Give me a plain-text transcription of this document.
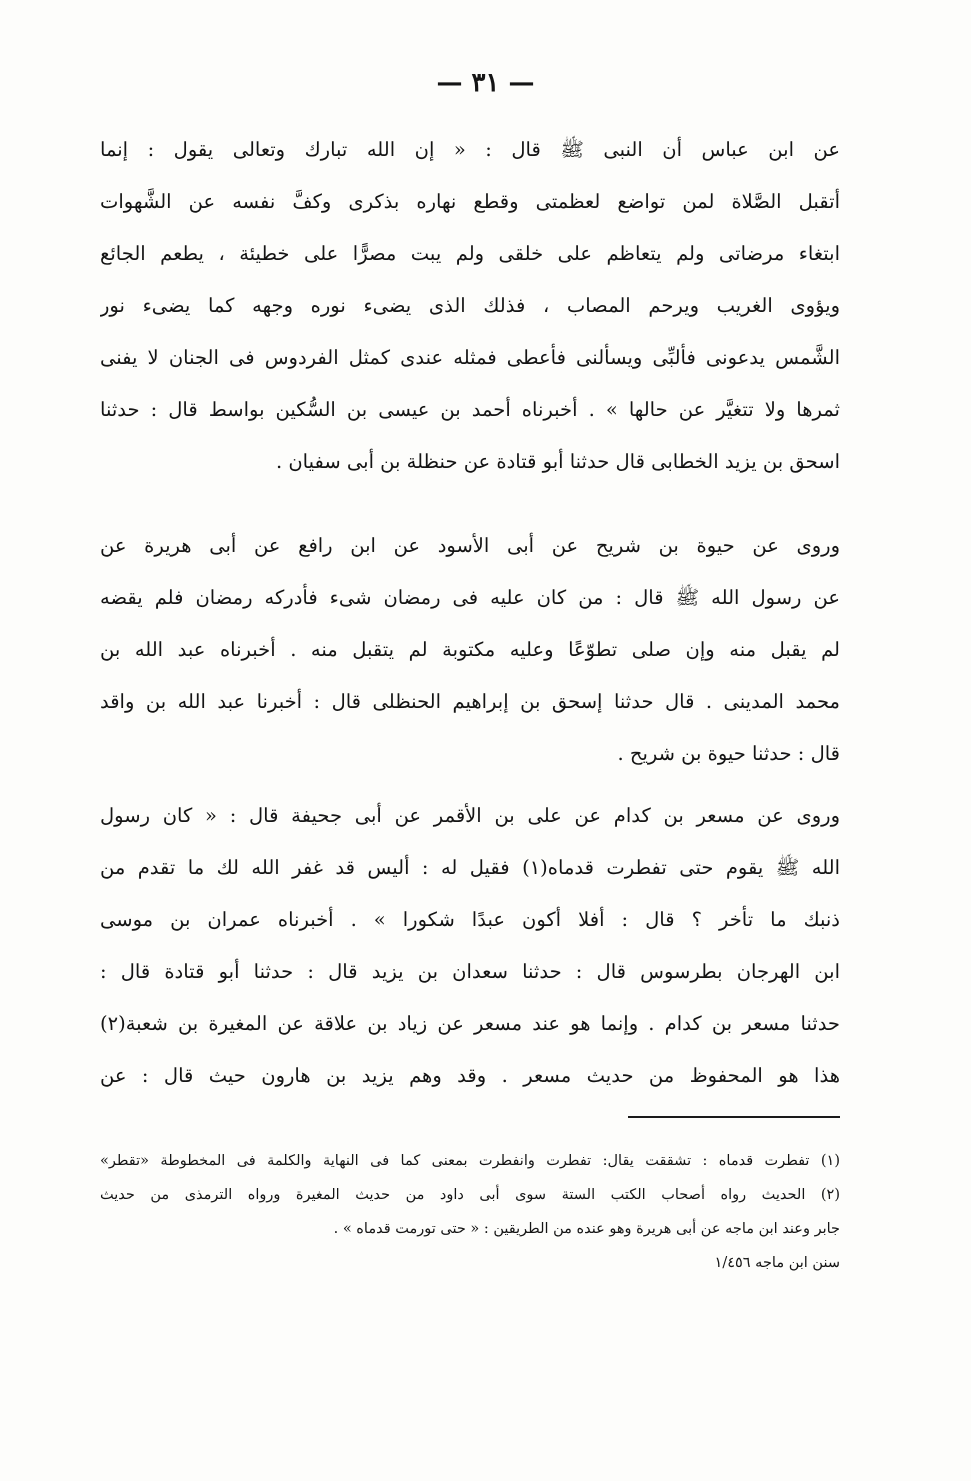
— ٣١ —
عن ابن عباس أن النبى ﷺ قال : « إن الله تبارك وتعالى يقول : إنما
أتقبل الصَّلاة لمن تواضع لعظمتى وقطع نهاره بذكرى وكفَّ نفسه عن الشَّهوات
ابتغاء مرضاتى ولم يتعاظم على خلقى ولم يبت مصرًّا على خطيئة ، يطعم الجائع
ويؤوى الغريب ويرحم المصاب ، فذلك الذى يضىء نوره وجهه كما يضىء نور
الشَّمس يدعونى فألبِّى ويسألنى فأعطى فمثله عندى كمثل الفردوس فى الجنان لا يفنى
ثمرها ولا تتغيَّر عن حالها » . أخبرناه أحمد بن عيسى بن السُّكين بواسط قال : حدثنا
اسحق بن يزيد الخطابى قال حدثنا أبو قتادة عن حنظلة بن أبى سفيان .
وروى عن حيوة بن شريح عن أبى الأسود عن ابن رافع عن أبى هريرة عن
عن رسول الله ﷺ قال : من كان عليه فى رمضان شىء فأدركه رمضان فلم يقضه
لم يقبل منه وإن صلى تطوّعًا وعليه مكتوبة لم يتقبل منه . أخبرناه عبد الله بن
محمد المدينى . قال حدثنا إسحق بن إبراهيم الحنظلى قال : أخبرنا عبد الله بن واقد
قال : حدثنا حيوة بن شريح .
وروى عن مسعر بن كدام عن على بن الأقمر عن أبى جحيفة قال : « كان رسول
الله ﷺ يقوم حتى تفطرت قدماه(١) فقيل له : أليس قد غفر الله لك ما تقدم من
ذنبك ما تأخر ؟ قال : أفلا أكون عبدًا شكورا » . أخبرناه عمران بن موسى
ابن الهرجان بطرسوس قال : حدثنا سعدان بن يزيد قال : حدثنا أبو قتادة قال :
حدثنا مسعر بن كدام . وإنما هو عند مسعر عن زياد بن علاقة عن المغيرة بن شعبة(٢)
هذا هو المحفوظ من حديث مسعر . وقد وهم يزيد بن هارون حيث قال : عن
(١) تفطرت قدماه : تشققت يقال: تفطرت وانفطرت بمعنى كما فى النهاية والكلمة فى المخطوطة «تقطر»
(٢) الحديث رواه أصحاب الكتب الستة سوى أبى داود من حديث المغيرة ورواه الترمذى من حديث
جابر وعند ابن ماجه عن أبى هريرة وهو عنده من الطريقين : « حتى تورمت قدماه » .
سنن ابن ماجه ١/٤٥٦
